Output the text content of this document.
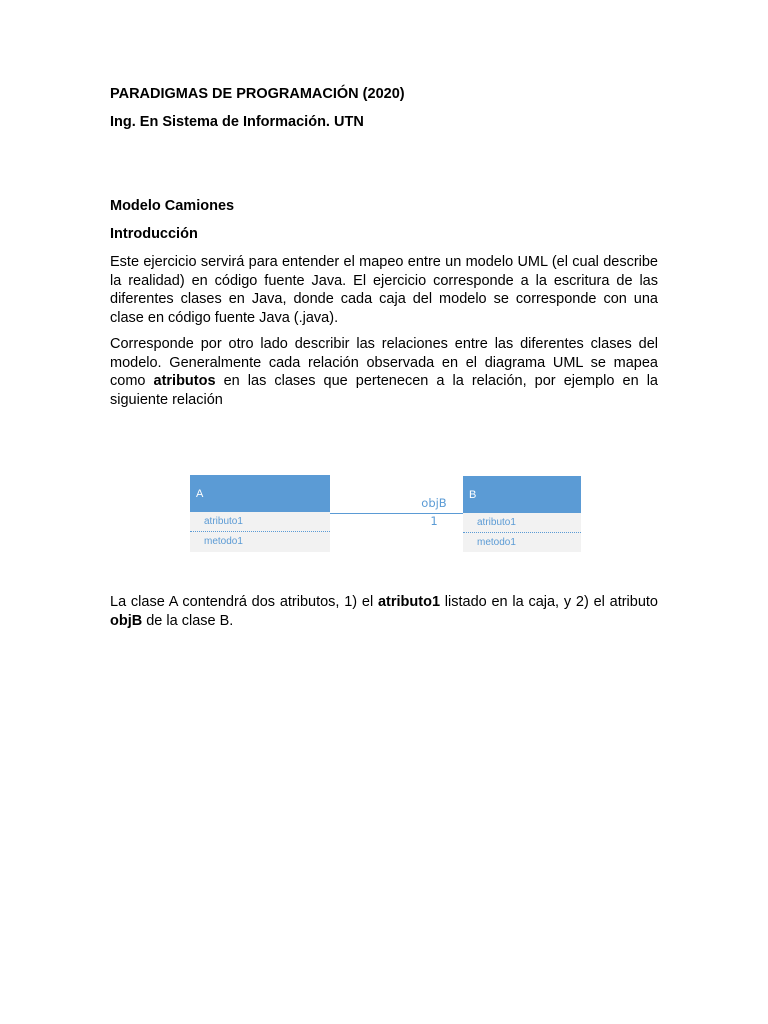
PARADIGMAS DE PROGRAMACIÓN (2020)
Ing. En Sistema de Información. UTN
Modelo Camiones
Introducción

Este ejercicio servirá para entender el mapeo entre un modelo UML (el cual describe la realidad) en código fuente Java. El ejercicio corresponde a la escritura de las diferentes clases en Java, donde cada caja del modelo se corresponde con una clase en código fuente Java (.java).

Corresponde por otro lado describir las relaciones entre las diferentes clases del modelo. Generalmente cada relación observada en el diagrama UML se mapea como atributos en las clases que pertenecen a la relación, por ejemplo en la siguiente relación

A
atributo1
metodo1
objB
1
B
atributo1
metodo1

La clase A contendrá dos atributos, 1) el atributo1 listado en la caja, y 2) el atributo objB de la clase B.
